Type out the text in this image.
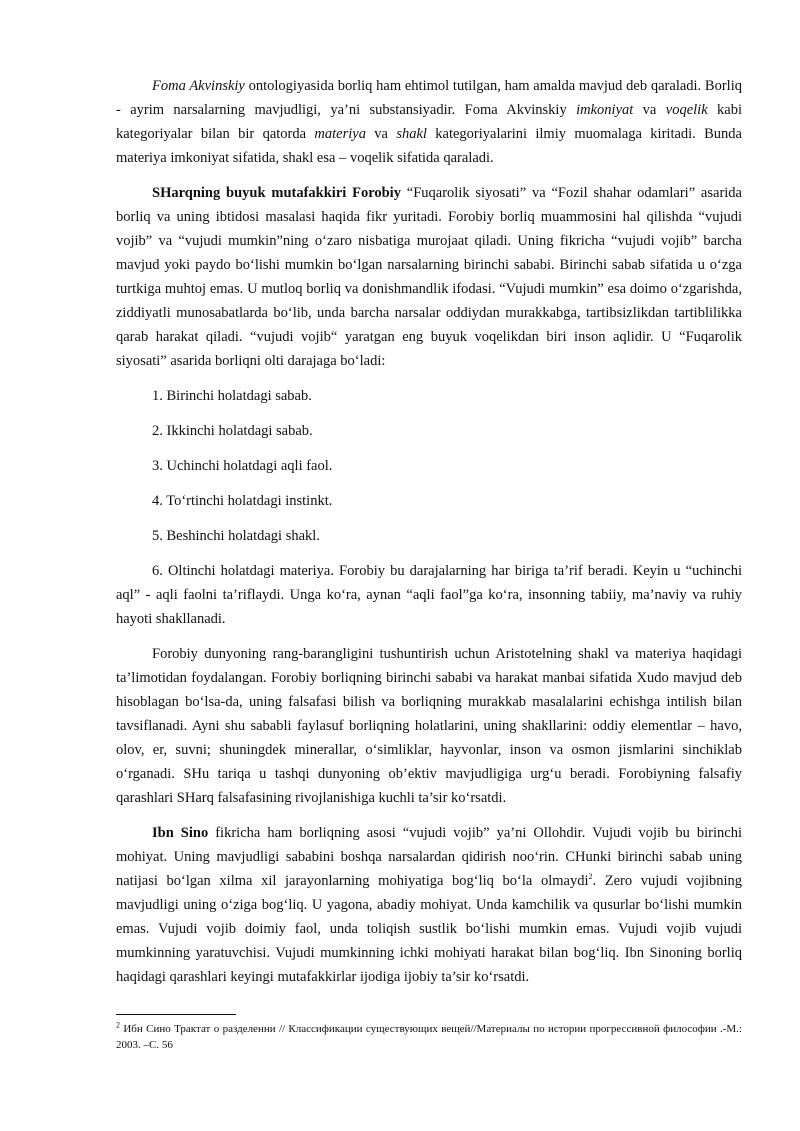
Foma Akvinskiy ontologiyasida borliq ham ehtimol tutilgan, ham amalda mavjud deb qaraladi. Borliq - ayrim narsalarning mavjudligi, ya’ni substansiyadir. Foma Akvinskiy imkoniyat va voqelik kabi kategoriyalar bilan bir qatorda materiya va shakl kategoriyalarini ilmiy muomalaga kiritadi. Bunda materiya imkoniyat sifatida, shakl esa – voqelik sifatida qaraladi.

SHarqning buyuk mutafakkiri Forobiy “Fuqarolik siyosati” va “Fozil shahar odamlari” asarida borliq va uning ibtidosi masalasi haqida fikr yuritadi. Forobiy borliq muammosini hal qilishda “vujudi vojib” va “vujudi mumkin”ning o‘zaro nisbatiga murojaat qiladi. Uning fikricha “vujudi vojib” barcha mavjud yoki paydo bo‘lishi mumkin bo‘lgan narsalarning birinchi sababi. Birinchi sabab sifatida u o‘zga turtkiga muhtoj emas. U mutloq borliq va donishmandlik ifodasi. “Vujudi mumkin” esa doimo o‘zgarishda, ziddiyatli munosabatlarda bo‘lib, unda barcha narsalar oddiydan murakkabga, tartibsizlikdan tartiblilikka qarab harakat qiladi. “vujudi vojib“ yaratgan eng buyuk voqelikdan biri inson aqlidir. U “Fuqarolik siyosati” asarida borliqni olti darajaga bo‘ladi:

1. Birinchi holatdagi sabab.

2. Ikkinchi holatdagi sabab.

3. Uchinchi holatdagi aqli faol.

4. To‘rtinchi holatdagi instinkt.

5. Beshinchi holatdagi shakl.

6. Oltinchi holatdagi materiya. Forobiy bu darajalarning har biriga ta’rif beradi. Keyin u “uchinchi aql” - aqli faolni ta’riflaydi. Unga ko‘ra, aynan “aqli faol”ga ko‘ra, insonning tabiiy, ma’naviy va ruhiy hayoti shakllanadi.

Forobiy dunyoning rang-barangligini tushuntirish uchun Aristotelning shakl va materiya haqidagi ta’limotidan foydalangan. Forobiy borliqning birinchi sababi va harakat manbai sifatida Xudo mavjud deb hisoblagan bo‘lsa-da, uning falsafasi bilish va borliqning murakkab masalalarini echishga intilish bilan tavsiflanadi. Ayni shu sababli faylasuf borliqning holatlarini, uning shakllarini: oddiy elementlar – havo, olov, er, suvni; shuningdek minerallar, o‘simliklar, hayvonlar, inson va osmon jismlarini sinchiklab o‘rganadi. SHu tariqa u tashqi dunyoning ob’ektiv mavjudligiga urg‘u beradi. Forobiyning falsafiy qarashlari SHarq falsafasining rivojlanishiga kuchli ta’sir ko‘rsatdi.

Ibn Sino fikricha ham borliqning asosi “vujudi vojib” ya’ni Ollohdir. Vujudi vojib bu birinchi mohiyat. Uning mavjudligi sababini boshqa narsalardan qidirish noo‘rin. CHunki birinchi sabab uning natijasi bo‘lgan xilma xil jarayonlarning mohiyatiga bog‘liq bo‘la olmaydi$^2$. Zero vujudi vojibning mavjudligi uning o‘ziga bog‘liq. U yagona, abadiy mohiyat. Unda kamchilik va qusurlar bo‘lishi mumkin emas. Vujudi vojib doimiy faol, unda toliqish sustlik bo‘lishi mumkin emas. Vujudi vojib vujudi mumkinning yaratuvchisi. Vujudi mumkinning ichki mohiyati harakat bilan bog‘liq. Ibn Sinoning borliq haqidagi qarashlari keyingi mutafakkirlar ijodiga ijobiy ta’sir ko‘rsatdi.

$^2$ Ибн Сино Трактат о разделенни // Классификации существующих вещей//Материалы по истории прогрессивной философии .-М.: 2003. –С. 56
